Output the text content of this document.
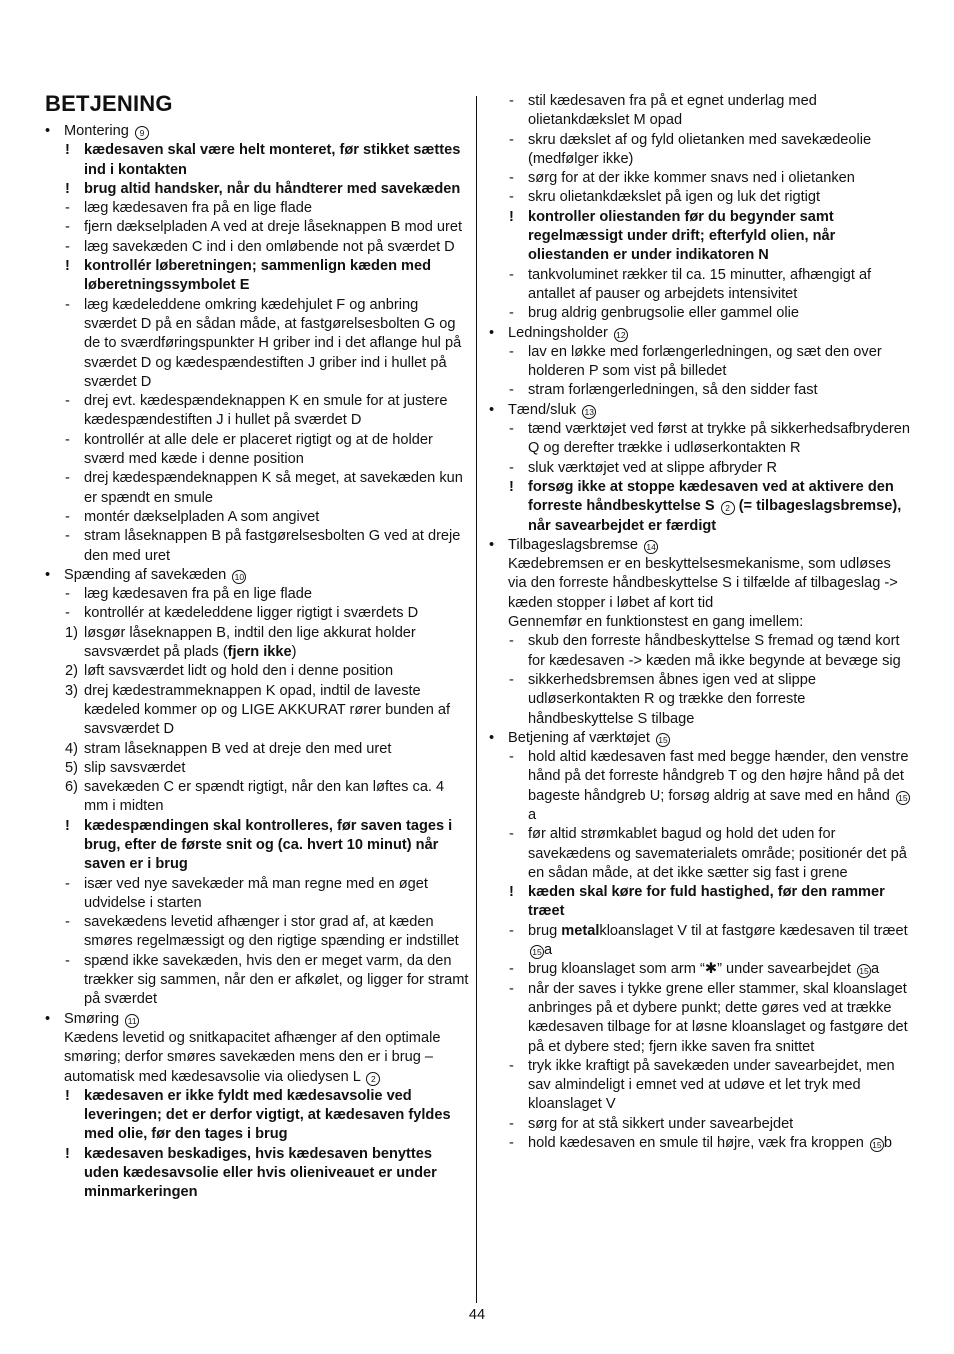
BETJENING
• Montering 9
! kædesaven skal være helt monteret, før stikket sættes ind i kontakten
! brug altid handsker, når du håndterer med savekæden
- læg kædesaven fra på en lige flade
- fjern dækselpladen A ved at dreje låseknappen B mod uret
- læg savekæden C ind i den omløbende not på sværdet D
! kontrollér løberetningen; sammenlign kæden med løberetningssymbolet E
- læg kædeleddene omkring kædehjulet F og anbring sværdet D på en sådan måde, at fastgørelsesbolten G og de to sværdføringspunkter H griber ind i det aflange hul på sværdet D og kædespændestiften J griber ind i hullet på sværdet D
- drej evt. kædespændeknappen K en smule for at justere kædespændestiften J i hullet på sværdet D
- kontrollér at alle dele er placeret rigtigt og at de holder sværd med kæde i denne position
- drej kædespændeknappen K så meget, at savekæden kun er spændt en smule
- montér dækselpladen A som angivet
- stram låseknappen B på fastgørelsesbolten G ved at dreje den med uret
• Spænding af savekæden 10
- læg kædesaven fra på en lige flade
- kontrollér at kædeleddene ligger rigtigt i sværdets D
1) løsgør låseknappen B, indtil den lige akkurat holder savsværdet på plads (fjern ikke)
2) løft savsværdet lidt og hold den i denne position
3) drej kædestrammeknappen K opad, indtil de laveste kædeled kommer op og LIGE AKKURAT rører bunden af savsværdet D
4) stram låseknappen B ved at dreje den med uret
5) slip savsværdet
6) savekæden C er spændt rigtigt, når den kan løftes ca. 4 mm i midten
! kædespændingen skal kontrolleres, før saven tages i brug, efter de første snit og (ca. hvert 10 minut) når saven er i brug
- især ved nye savekæder må man regne med en øget udvidelse i starten
- savekædens levetid afhænger i stor grad af, at kæden smøres regelmæssigt og den rigtige spænding er indstillet
- spænd ikke savekæden, hvis den er meget varm, da den trækker sig sammen, når den er afkølet, og ligger for stramt på sværdet
• Smøring 11
Kædens levetid og snitkapacitet afhænger af den optimale smøring; derfor smøres savekæden mens den er i brug – automatisk med kædesavsolie via oliedysen L 2
! kædesaven er ikke fyldt med kædesavsolie ved leveringen; det er derfor vigtigt, at kædesaven fyldes med olie, før den tages i brug
! kædesaven beskadiges, hvis kædesaven benyttes uden kædesavsolie eller hvis olieniveauet er under minmarkeringen
- stil kædesaven fra på et egnet underlag med olietankdækslet M opad
- skru dækslet af og fyld olietanken med savekædeolie (medfølger ikke)
- sørg for at der ikke kommer snavs ned i olietanken
- skru olietankdækslet på igen og luk det rigtigt
! kontroller oliestanden før du begynder samt regelmæssigt under drift; efterfyld olien, når oliestanden er under indikatoren N
- tankvoluminet rækker til ca. 15 minutter, afhængigt af antallet af pauser og arbejdets intensivitet
- brug aldrig genbrugsolie eller gammel olie
• Ledningsholder 12
- lav en løkke med forlængerledningen, og sæt den over holderen P som vist på billedet
- stram forlængerledningen, så den sidder fast
• Tænd/sluk 13
- tænd værktøjet ved først at trykke på sikkerhedsafbryderen Q og derefter trække i udløserkontakten R
- sluk værktøjet ved at slippe afbryder R
! forsøg ikke at stoppe kædesaven ved at aktivere den forreste håndbeskyttelse S 2 (= tilbageslagsbremse), når savearbejdet er færdigt
• Tilbageslagsbremse 14
Kædebremsen er en beskyttelsesmekanisme, som udløses via den forreste håndbeskyttelse S i tilfælde af tilbageslag -> kæden stopper i løbet af kort tid
Gennemfør en funktionstest en gang imellem:
- skub den forreste håndbeskyttelse S fremad og tænd kort for kædesaven -> kæden må ikke begynde at bevæge sig
- sikkerhedsbremsen åbnes igen ved at slippe udløserkontakten R og trække den forreste håndbeskyttelse S tilbage
• Betjening af værktøjet 15
- hold altid kædesaven fast med begge hænder, den venstre hånd på det forreste håndgreb T og den højre hånd på det bageste håndgreb U; forsøg aldrig at save med en hånd 15a
- før altid strømkablet bagud og hold det uden for savekædens og savematerialets område; positionér det på en sådan måde, at det ikke sætter sig fast i grene
! kæden skal køre for fuld hastighed, før den rammer træet
- brug metalkloanslaget V til at fastgøre kædesaven til træet 15 a
- brug kloanslaget som arm “✱” under savearbejdet 15 a
- når der saves i tykke grene eller stammer, skal kloanslaget anbringes på et dybere punkt; dette gøres ved at trække kædesaven tilbage for at løsne kloanslaget og fastgøre det på et dybere sted; fjern ikke saven fra snittet
- tryk ikke kraftigt på savekæden under savearbejdet, men sav almindeligt i emnet ved at udøve et let tryk med kloanslaget V
- sørg for at stå sikkert under savearbejdet
- hold kædesaven en smule til højre, væk fra kroppen 15 b
44
